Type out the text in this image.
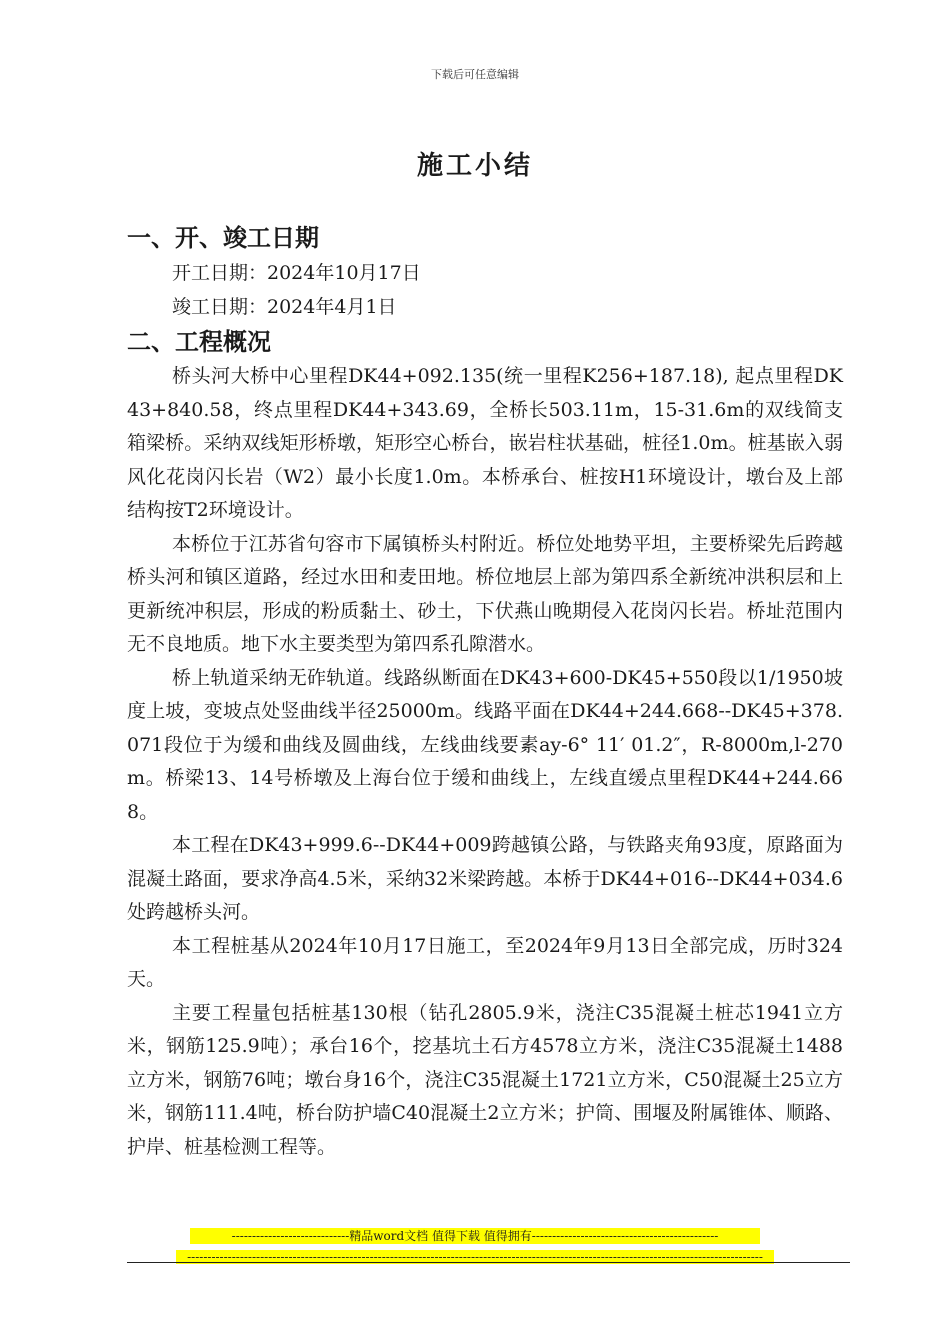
下载后可任意编辑
施工小结

一、开、竣工日期

开工日期：2024年10月17日

竣工日期：2024年4月1日

二、工程概况

桥头河大桥中心里程DK44+092.135(统一里程K256+187.18), 起点里程DK43+840.58，终点里程DK44+343.69，全桥长503.11m，15-31.6m的双线简支箱梁桥。采纳双线矩形桥墩，矩形空心桥台，嵌岩柱状基础，桩径1.0m。桩基嵌入弱风化花岗闪长岩（W2）最小长度1.0m。本桥承台、桩按H1环境设计，墩台及上部结构按T2环境设计。

本桥位于江苏省句容市下属镇桥头村附近。桥位处地势平坦，主要桥梁先后跨越桥头河和镇区道路，经过水田和麦田地。桥位地层上部为第四系全新统冲洪积层和上更新统冲积层，形成的粉质黏土、砂土，下伏燕山晚期侵入花岗闪长岩。桥址范围内无不良地质。地下水主要类型为第四系孔隙潜水。

桥上轨道采纳无砟轨道。线路纵断面在DK43+600-DK45+550段以1/1950坡度上坡，变坡点处竖曲线半径25000m。线路平面在DK44+244.668--DK45+378.071段位于为缓和曲线及圆曲线，左线曲线要素ay-6° 11′ 01.2″，R-8000m,l-270m。桥梁13、14号桥墩及上海台位于缓和曲线上，左线直缓点里程DK44+244.668。

本工程在DK43+999.6--DK44+009跨越镇公路，与铁路夹角93度，原路面为混凝土路面，要求净高4.5米，采纳32米梁跨越。本桥于DK44+016--DK44+034.6处跨越桥头河。

本工程桩基从2024年10月17日施工，至2024年9月13日全部完成，历时324天。

主要工程量包括桩基130根（钻孔2805.9米，浇注C35混凝土桩芯1941立方米，钢筋125.9吨）；承台16个，挖基坑土石方4578立方米，浇注C35混凝土1488立方米，钢筋76吨；墩台身16个，浇注C35混凝土1721立方米，C50混凝土25立方米，钢筋111.4吨，桥台防护墙C40混凝土2立方米；护筒、围堰及附属锥体、顺路、护岸、桩基检测工程等。

-----------------------------精品word文档 值得下载 值得拥有----------------------------------------------
----------------------------------------------------------------------------------------------------------------------------------------------
